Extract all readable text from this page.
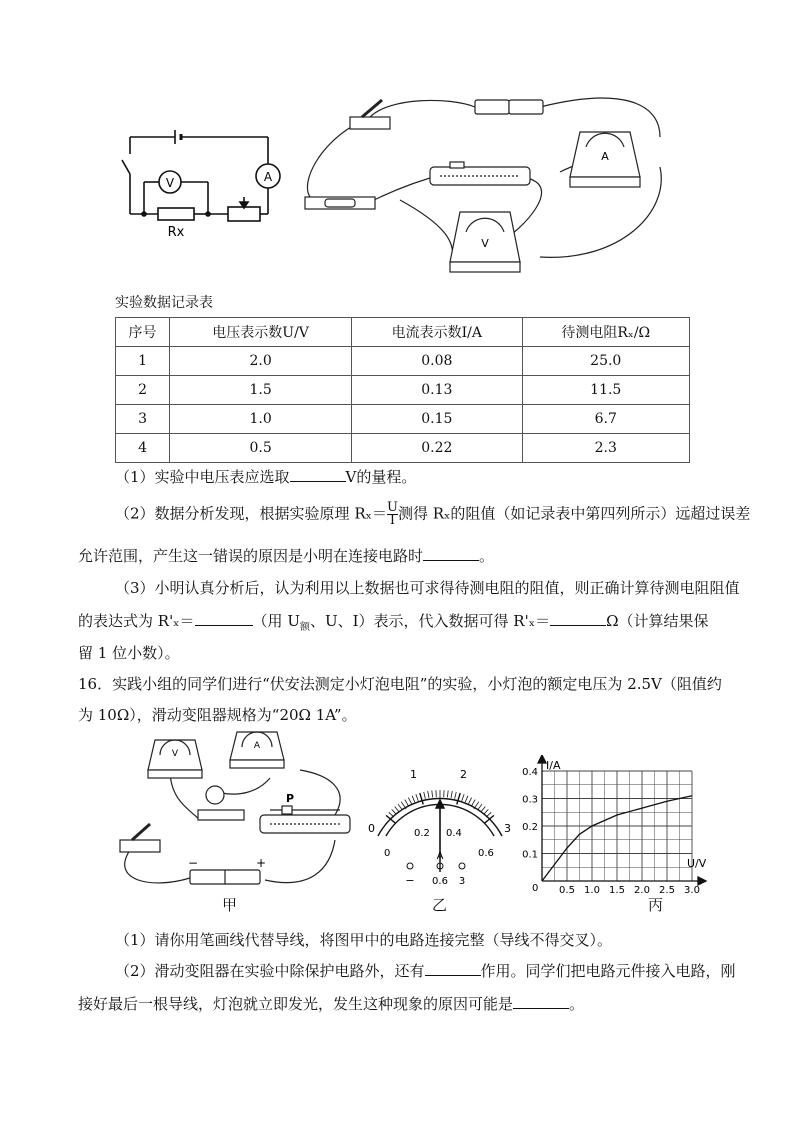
A
V
Rx
A
V
实验数据记录表
序号	电压表示数U/V	电流表示数I/A	待测电阻Rₓ/Ω
1	2.0	0.08	25.0
2	1.5	0.13	11.5
3	1.0	0.15	6.7
4	0.5	0.22	2.3
（1）实验中电压表应选取	V的量程。
（2）数据分析发现，根据实验原理 $R_x= \frac{U}{I}$ 测得 Rₓ的阻值（如记录表中第四列所示）远超过误差
允许范围，产生这一错误的原因是小明在连接电路时	。
（3）小明认真分析后，认为利用以上数据也可求得待测电阻的阻值，则正确计算待测电阻阻值
的表达式为 R'ₓ＝	（用 $U_额$、U、I）表示，代入数据可得 R'ₓ＝	Ω（计算结果保
留 1 位小数）。
16．实践小组的同学们进行“伏安法测定小灯泡电阻”的实验，小灯泡的额定电压为 2.5V（阻值约
为 10Ω），滑动变阻器规格为“20Ω 1A”。
P
−	+
V
A
0
1	2
3
0
0.2 0.4
0.6
A
− 0.6 3
0.5 1.0 1.5 2.0 2.5 3.0
0.1
0.2
0.3
0.4
I/A
U/V
0
甲	乙	丙
（1）请你用笔画线代替导线，将图甲中的电路连接完整（导线不得交叉）。
（2）滑动变阻器在实验中除保护电路外，还有	作用。同学们把电路元件接入电路，刚
接好最后一根导线，灯泡就立即发光，发生这种现象的原因可能是	。
